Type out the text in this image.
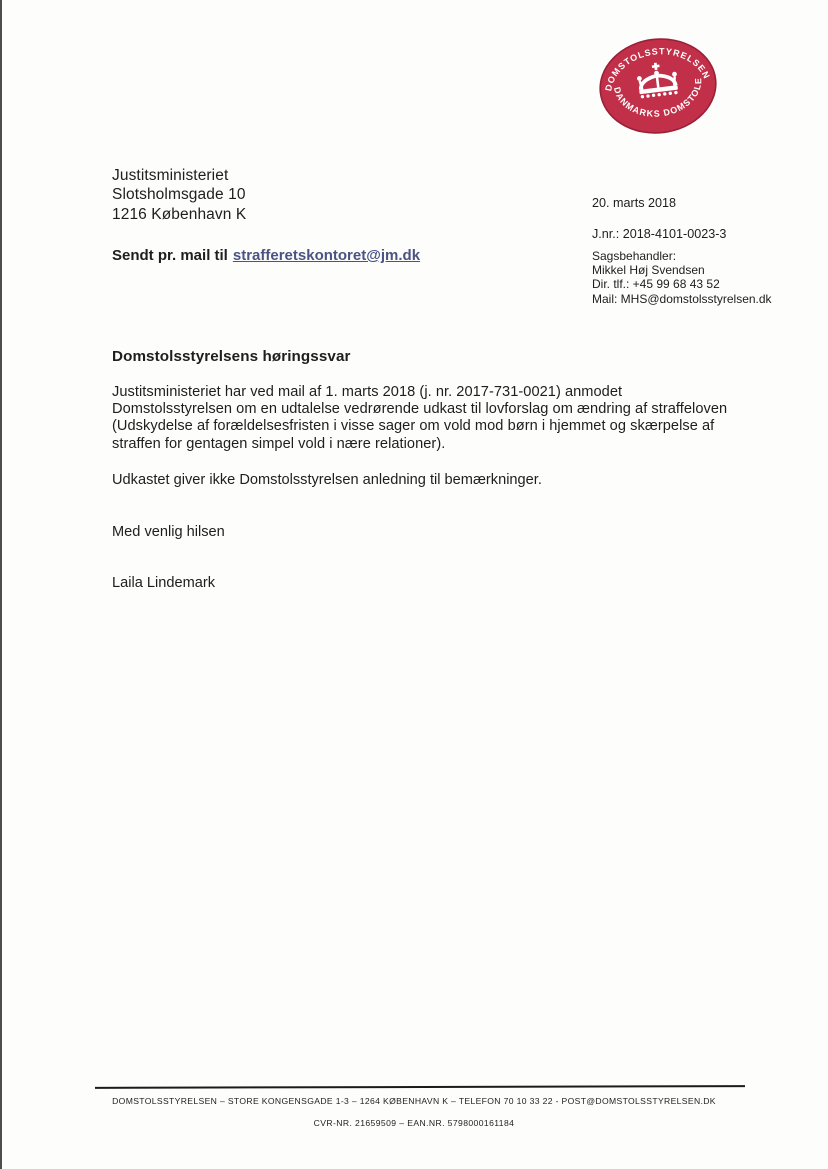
DOMSTOLSSTYRELSEN
DANMARKS DOMSTOLE
Justitsministeriet
Slotsholmsgade 10
1216 København K
Sendt pr. mail til strafferetskontoret@jm.dk
20. marts 2018
J.nr.: 2018-4101-0023-3
Sagsbehandler:
Mikkel Høj Svendsen
Dir. tlf.: +45 99 68 43 52
Mail: MHS@domstolsstyrelsen.dk
Domstolsstyrelsens høringssvar
Justitsministeriet har ved mail af 1. marts 2018 (j. nr. 2017-731-0021) anmodet
Domstolsstyrelsen om en udtalelse vedrørende udkast til lovforslag om ændring af straffeloven
(Udskydelse af forældelsesfristen i visse sager om vold mod børn i hjemmet og skærpelse af
straffen for gentagen simpel vold i nære relationer).
Udkastet giver ikke Domstolsstyrelsen anledning til bemærkninger.
Med venlig hilsen
Laila Lindemark
DOMSTOLSSTYRELSEN – STORE KONGENSGADE 1-3 – 1264 KØBENHAVN K – TELEFON 70 10 33 22 - POST@DOMSTOLSSTYRELSEN.DK
CVR-NR. 21659509 – EAN.NR. 5798000161184
